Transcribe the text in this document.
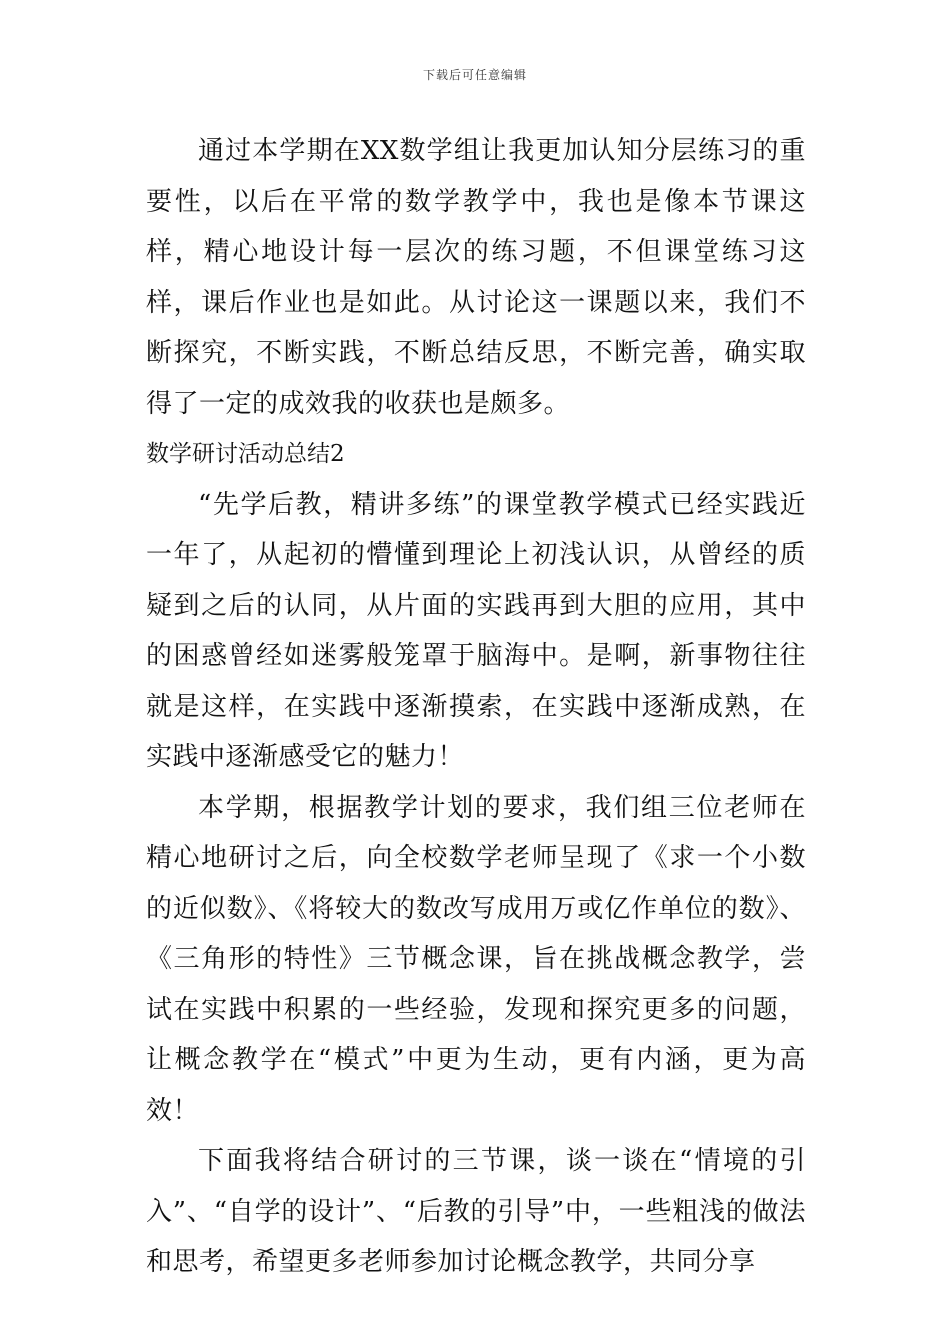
下载后可任意编辑

通过本学期在XX数学组让我更加认知分层练习的重要性，以后在平常的数学教学中，我也是像本节课这样，精心地设计每一层次的练习题，不但课堂练习这样，课后作业也是如此。从讨论这一课题以来，我们不断探究，不断实践，不断总结反思，不断完善，确实取得了一定的成效我的收获也是颇多。

数学研讨活动总结2

“先学后教，精讲多练”的课堂教学模式已经实践近一年了，从起初的懵懂到理论上初浅认识，从曾经的质疑到之后的认同，从片面的实践再到大胆的应用，其中的困惑曾经如迷雾般笼罩于脑海中。是啊，新事物往往就是这样，在实践中逐渐摸索，在实践中逐渐成熟，在实践中逐渐感受它的魅力！

本学期，根据教学计划的要求，我们组三位老师在精心地研讨之后，向全校数学老师呈现了《求一个小数的近似数》、《将较大的数改写成用万或亿作单位的数》、《三角形的特性》三节概念课，旨在挑战概念教学，尝试在实践中积累的一些经验，发现和探究更多的问题，让概念教学在“模式”中更为生动，更有内涵，更为高效！

下面我将结合研讨的三节课，谈一谈在“情境的引入”、“自学的设计”、“后教的引导”中，一些粗浅的做法和思考，希望更多老师参加讨论概念教学，共同分享
